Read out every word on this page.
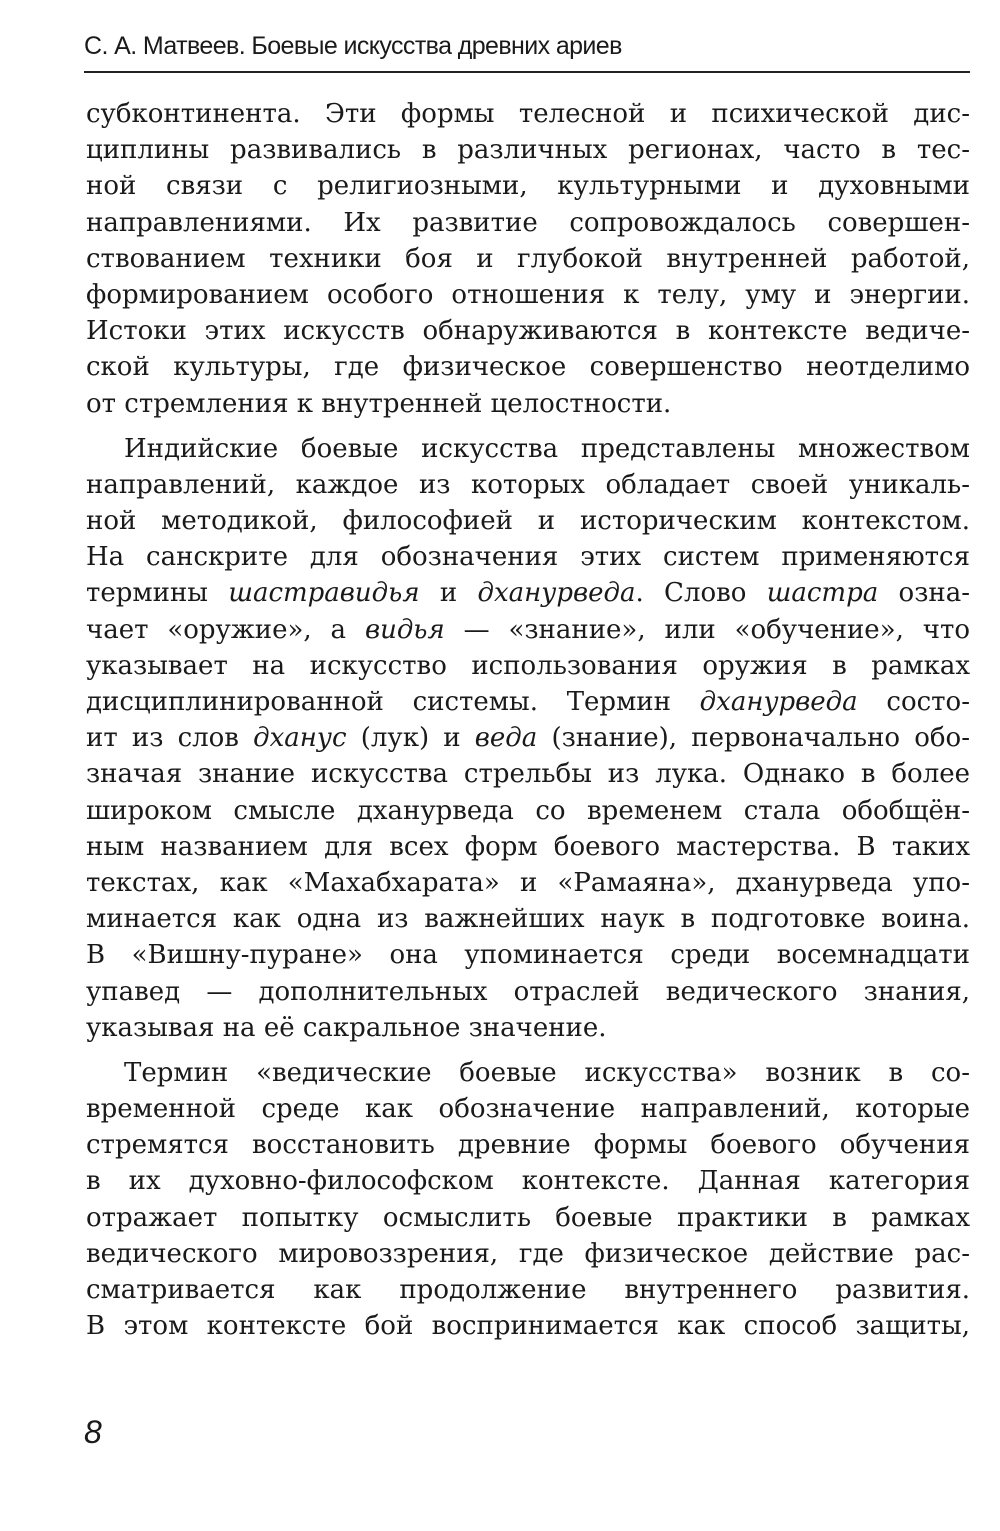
С. А. Матвеев. Боевые искусства древних ариев
субконтинента. Эти формы телесной и психической дис-
циплины развивались в различных регионах, часто в тес-
ной связи с религиозными, культурными и духовными
направлениями. Их развитие сопровождалось совершен-
ствованием техники боя и глубокой внутренней работой,
формированием особого отношения к телу, уму и энергии.
Истоки этих искусств обнаруживаются в контексте ведиче-
ской культуры, где физическое совершенство неотделимо
от стремления к внутренней целостности.
Индийские боевые искусства представлены множеством
направлений, каждое из которых обладает своей уникаль-
ной методикой, философией и историческим контекстом.
На санскрите для обозначения этих систем применяются
термины шастравидья и дханурведа. Слово шастра озна-
чает «оружие», а видья — «знание», или «обучение», что
указывает на искусство использования оружия в рамках
дисциплинированной системы. Термин дханурведа состо-
ит из слов дханус (лук) и веда (знание), первоначально обо-
значая знание искусства стрельбы из лука. Однако в более
широком смысле дханурведа со временем стала обобщён-
ным названием для всех форм боевого мастерства. В таких
текстах, как «Махабхарата» и «Рамаяна», дханурведа упо-
минается как одна из важнейших наук в подготовке воина.
В «Вишну-пуране» она упоминается среди восемнадцати
упавед — дополнительных отраслей ведического знания,
указывая на её сакральное значение.
Термин «ведические боевые искусства» возник в со-
временной среде как обозначение направлений, которые
стремятся восстановить древние формы боевого обучения
в их духовно-философском контексте. Данная категория
отражает попытку осмыслить боевые практики в рамках
ведического мировоззрения, где физическое действие рас-
сматривается как продолжение внутреннего развития.
В этом контексте бой воспринимается как способ защиты,
8
